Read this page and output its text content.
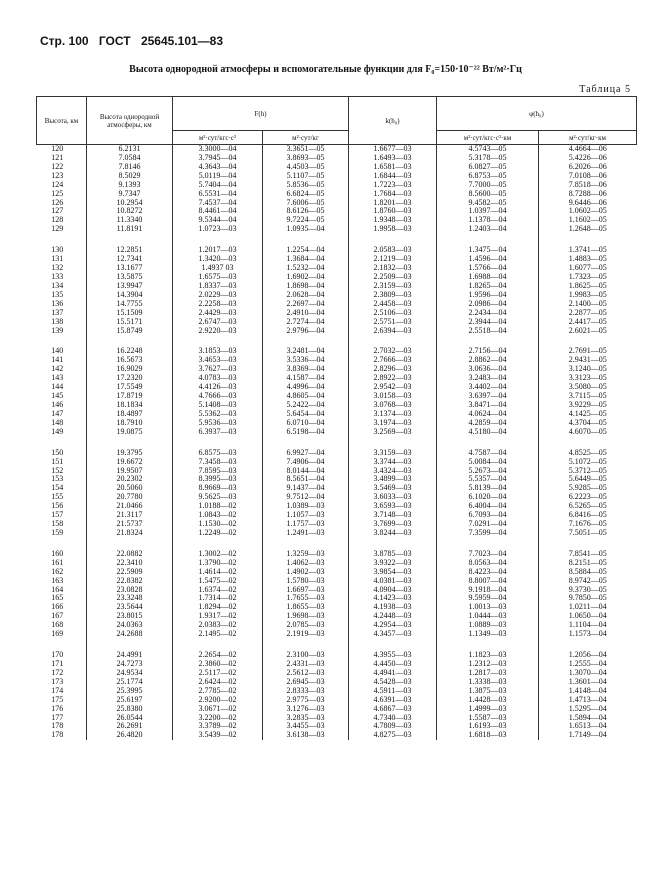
Стр. 100 ГОСТ 25645.101—83
Высота однородной атмосферы и вспомогательные функции для F₀=150·10⁻²² Вт/м²·Гц
Таблица 5
Высота, км	Высота однородной атмосферы, км	F(h)		k(h₀)	φ(h₀)	
		м²·сут/кгс·с²	м²·сут/кг		м²·сут/кгс·с²·км	м²·сут/кг·км
120	6.2131	3.3000—04	3.3651—05	1.6677—03	4.5743—05	4.4664—06
121	7.0584	3.7945—04	3.8693—05	1.6493—03	5.3178—05	5.4226—06
122	7.8146	4.3643—04	4.4503—05	1.6581—03	6.0827—05	6.2026—06
123	8.5029	5.0119—04	5.1107—05	1.6844—03	6.8753—05	7.0108—06
124	9.1393	5.7404—04	5.8536—05	1.7223—03	7.7000—05	7.8518—06
125	9.7347	6.5531—04	6.6824—05	1.7684—03	8.5600—05	8.7288—06
126	10.2954	7.4537—04	7.6006—05	1.8201—03	9.4582—05	9.6446—06
127	10.8272	8.4461—04	8.6126—05	1.8760—03	1.0397—04	1.0602—05
128	11.3340	9.5344—04	9.7224—05	1.9348—03	1.1378—04	1.1602—05
129	11.8191	1.0723—03	1.0935—04	1.9958—03	1.2403—04	1.2648—05

130	12.2851	1.2017—03	1.2254—04	2.0583—03	1.3475—04	1.3741—05
131	12.7341	1.3420—03	1.3684—04	2.1219—03	1.4596—04	1.4883—05
132	13.1677	1.4937 03	1.5232—04	2.1832—03	1.5766—04	1.6077—05
133	13.5875	1.6575—03	1.6902—04	2.2509—03	1.6988—04	1.7323—05
134	13.9947	1.8337—03	1.8698—04	2.3159—03	1.8265—04	1.8625—05
135	14.3904	2.0229—03	2.0628—04	2.3809—03	1.9596—04	1.9983—05
136	14.7755	2.2258—03	2.2697—04	2.4458—03	2.0986—04	2.1400—05
137	15.1509	2.4429—03	2.4910—04	2.5106—03	2.2434—04	2.2877—05
138	15.5171	2.6747—03	2.7274—04	2.5751—03	2.3944—04	2.4417—05
139	15.8749	2.9220—03	2.9796—04	2.6394—03	2.5518—04	2.6021—05

140	16.2248	3.1853—03	3.2481—04	2.7032—03	2.7156—04	2.7691—05
141	16.5673	3.4653—03	3.5336—04	2.7666—03	2.8862—04	2.9431—05
142	16.9029	3.7627—03	3.8369—04	2.8296—03	3.0636—04	3.1240—05
143	17.2320	4.0783—03	4.1587—04	2.8922—03	3.2483—04	3.3123—05
144	17.5549	4.4126—03	4.4996—04	2.9542—03	3.4402—04	3.5080—05
145	17.8719	4.7666—03	4.8605—04	3.0158—03	3.6397—04	3.7115—05
146	18.1834	5.1408—03	5.2422—04	3.0768—03	3.8471—04	3.9229—05
147	18.4897	5.5362—03	5.6454—04	3.1374—03	4.0624—04	4.1425—05
148	18.7910	5.9536—03	6.0710—04	3.1974—03	4.2859—04	4.3704—05
149	19.0875	6.3937—03	6.5198—04	3.2569—03	4.5180—04	4.6070—05

150	19.3795	6.8575—03	6.9927—04	3.3159—03	4.7587—04	4.8525—05
151	19.6672	7.3458—03	7.4906—04	3.3744—03	5.0084—04	5.1072—05
152	19.9507	7.8595—03	8.0144—04	3.4324—03	5.2673—04	5.3712—05
153	20.2302	8.3995—03	8.5651—04	3.4899—03	5.5357—04	5.6449—05
154	20.5060	8.9669—03	9.1437—04	3.5469—03	5.8139—04	5.9285—05
155	20.7780	9.5625—03	9.7512—04	3.6033—03	6.1020—04	6.2223—05
156	21.0466	1.0188—02	1.0389—03	3.6593—03	6.4004—04	6.5265—05
157	21.3117	1.0843—02	1.1057—03	3.7148—03	6.7093—04	6.8416—05
158	21.5737	1.1530—02	1.1757—03	3.7699—03	7.0291—04	7.1676—05
159	21.8324	1.2249—02	1.2491—03	3.8244—03	7.3599—04	7.5051—05

160	22.0882	1.3002—02	1.3259—03	3.8785—03	7.7023—04	7.8541—05
161	22.3410	1.3790—02	1.4062—03	3.9322—03	8.0563—04	8.2151—05
162	22.5909	1.4614—02	1.4902—03	3.9854—03	8.4223—04	8.5884—05
163	22.8382	1.5475—02	1.5780—03	4.0381—03	8.8007—04	8.9742—05
164	23.0828	1.6374—02	1.6697—03	4.0904—03	9.1918—04	9.3730—05
165	23.3248	1.7314—02	1.7655—03	4.1423—03	9.5959—04	9.7850—05
166	23.5644	1.8294—02	1.8655—03	4.1938—03	1.0013—03	1.0211—04
167	23.8015	1.9317—02	1.9698—03	4.2448—03	1.0444—03	1.0650—04
168	24.0363	2.0383—02	2.0785—03	4.2954—03	1.0889—03	1.1104—04
169	24.2688	2.1495—02	2.1919—03	4.3457—03	1.1349—03	1.1573—04

170	24.4991	2.2654—02	2.3100—03	4.3955—03	1.1823—03	1.2056—04
171	24.7273	2.3860—02	2.4331—03	4.4450—03	1.2312—03	1.2555—04
172	24.9534	2.5117—02	2.5612—03	4.4941—03	1.2817—03	1.3070—04
173	25.1774	2.6424—02	2.6945—03	4.5428—03	1.3338—03	1.3601—04
174	25.3995	2.7785—02	2.8333—03	4.5911—03	1.3875—03	1.4148—04
175	25.6197	2.9200—02	2.9775—03	4.6391—03	1.4428—03	1.4713—04
176	25.8380	3.0671—02	3.1276—03	4.6867—03	1.4999—03	1.5295—04
177	26.0544	3.2200—02	3.2835—03	4.7340—03	1.5587—03	1.5894—04
178	26.2691	3.3789—02	3.4455—03	4.7809—03	1.6193—03	1.6513—04
178	26.4820	3.5439—02	3.6138—03	4.8275—03	1.6818—03	1.7149—04
